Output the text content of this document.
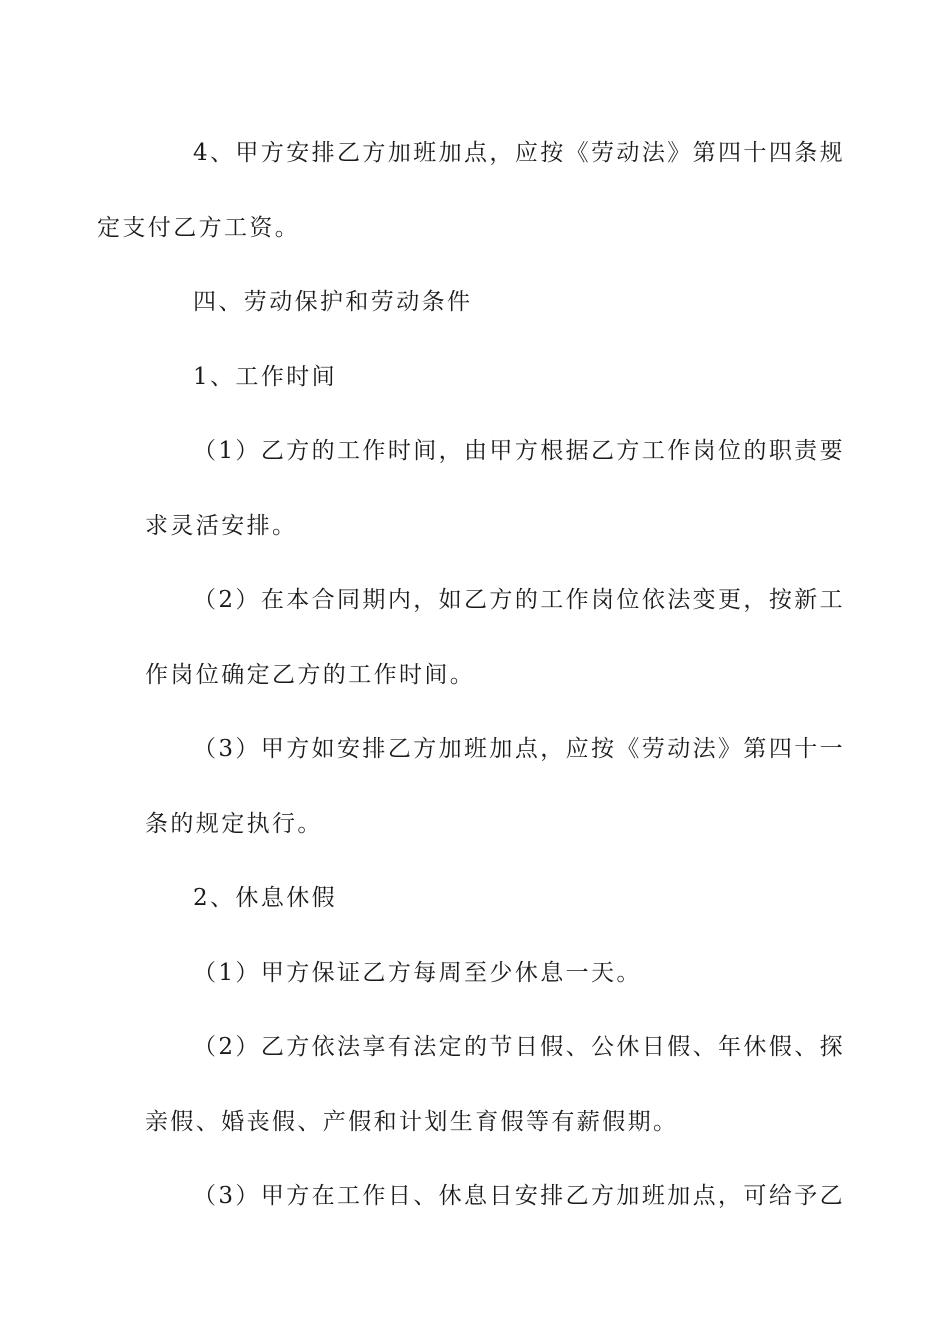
4、甲方安排乙方加班加点，应按《劳动法》第四十四条规
定支付乙方工资。

四、劳动保护和劳动条件

1、工作时间

（1）乙方的工作时间，由甲方根据乙方工作岗位的职责要
求灵活安排。

（2）在本合同期内，如乙方的工作岗位依法变更，按新工
作岗位确定乙方的工作时间。

（3）甲方如安排乙方加班加点，应按《劳动法》第四十一
条的规定执行。

2、休息休假

（1）甲方保证乙方每周至少休息一天。

（2）乙方依法享有法定的节日假、公休日假、年休假、探
亲假、婚丧假、产假和计划生育假等有薪假期。

（3）甲方在工作日、休息日安排乙方加班加点，可给予乙
